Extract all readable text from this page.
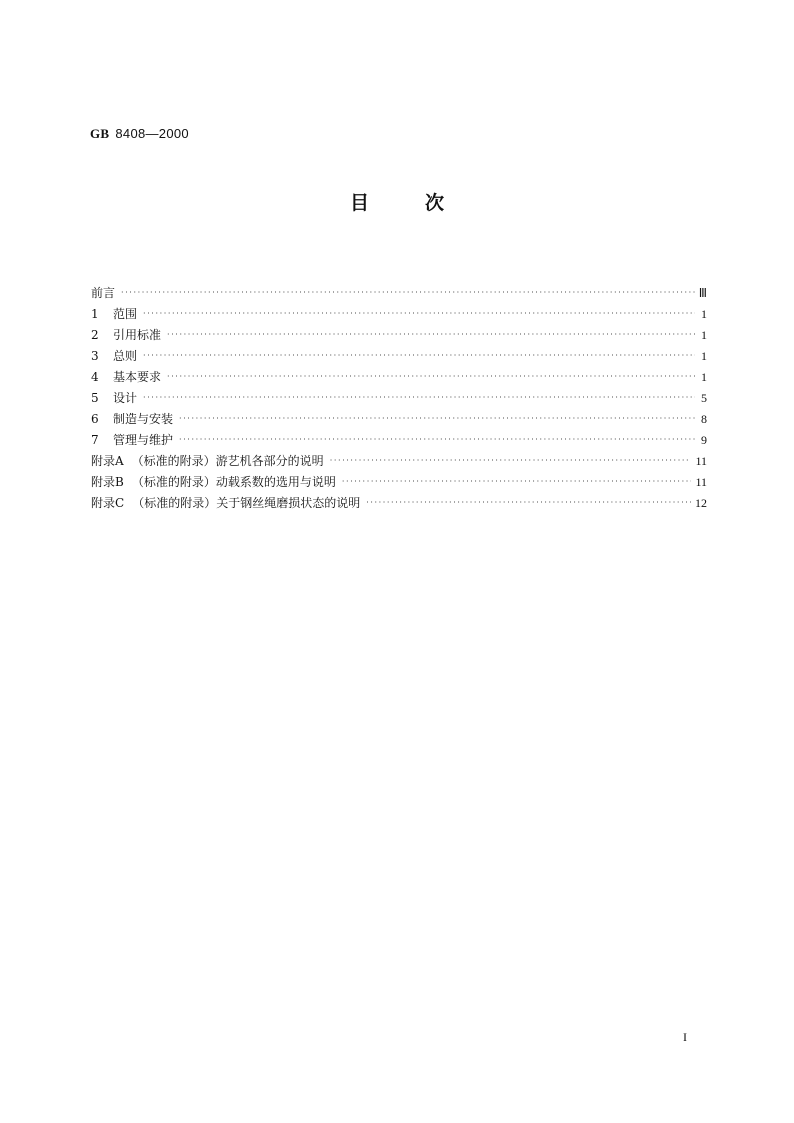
GB 8408—2000
目次
前言 ·····	Ⅲ
1 范围 ·····	1
2 引用标准 ·····	1
3 总则 ·····	1
4 基本要求 ·····	1
5 设计 ·····	5
6 制造与安装 ·····	8
7 管理与维护 ·····	9
附录A （标准的附录）游艺机各部分的说明 ·····	11
附录B （标准的附录）动载系数的选用与说明 ·····	11
附录C （标准的附录）关于钢丝绳磨损状态的说明 ·····	12
I
